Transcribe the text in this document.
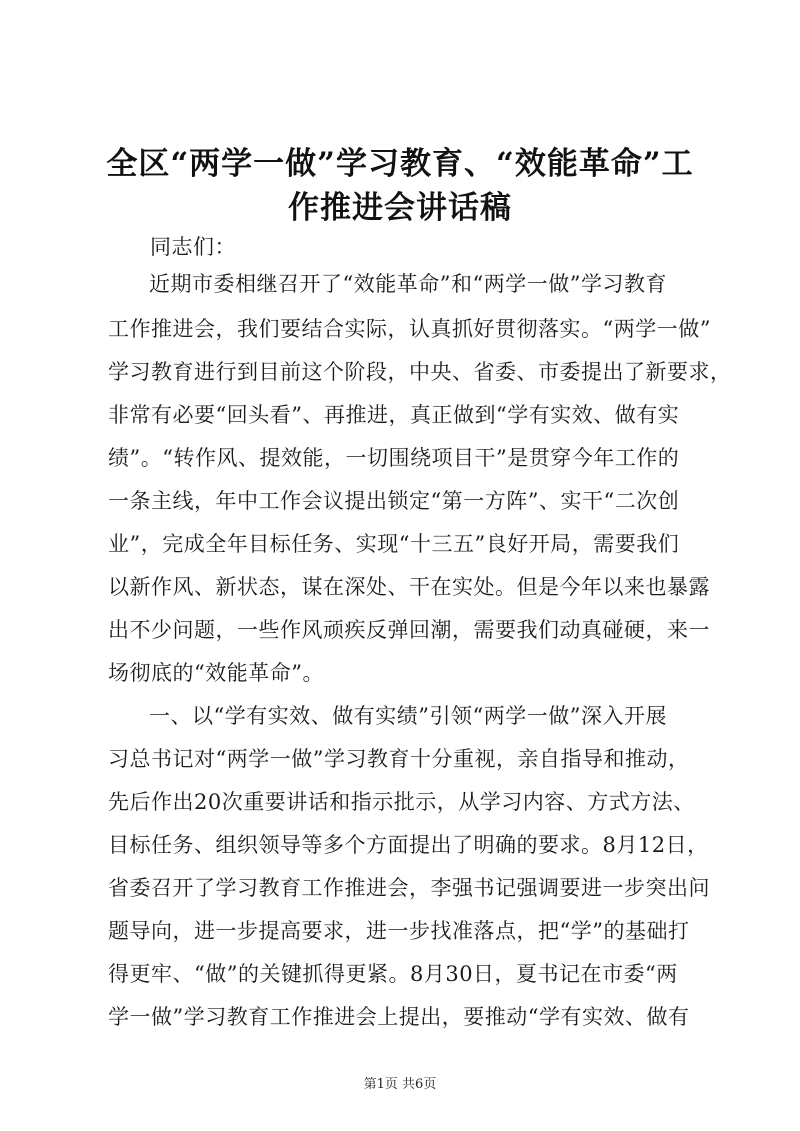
全区“两学一做”学习教育、“效能革命”工
作推进会讲话稿
同志们：
近期市委相继召开了“效能革命”和“两学一做”学习教育
工作推进会，我们要结合实际，认真抓好贯彻落实。“两学一做”
学习教育进行到目前这个阶段，中央、省委、市委提出了新要求，
非常有必要“回头看”、再推进，真正做到“学有实效、做有实
绩”。“转作风、提效能，一切围绕项目干”是贯穿今年工作的
一条主线，年中工作会议提出锁定“第一方阵”、实干“二次创
业”，完成全年目标任务、实现“十三五”良好开局，需要我们
以新作风、新状态，谋在深处、干在实处。但是今年以来也暴露
出不少问题，一些作风顽疾反弹回潮，需要我们动真碰硬，来一
场彻底的“效能革命”。
一、以“学有实效、做有实绩”引领“两学一做”深入开展
习总书记对“两学一做”学习教育十分重视，亲自指导和推动，
先后作出20次重要讲话和指示批示，从学习内容、方式方法、
目标任务、组织领导等多个方面提出了明确的要求。8月12日，
省委召开了学习教育工作推进会，李强书记强调要进一步突出问
题导向，进一步提高要求，进一步找准落点，把“学”的基础打
得更牢、“做”的关键抓得更紧。8月30日，夏书记在市委“两
学一做”学习教育工作推进会上提出，要推动“学有实效、做有
第1页 共6页
